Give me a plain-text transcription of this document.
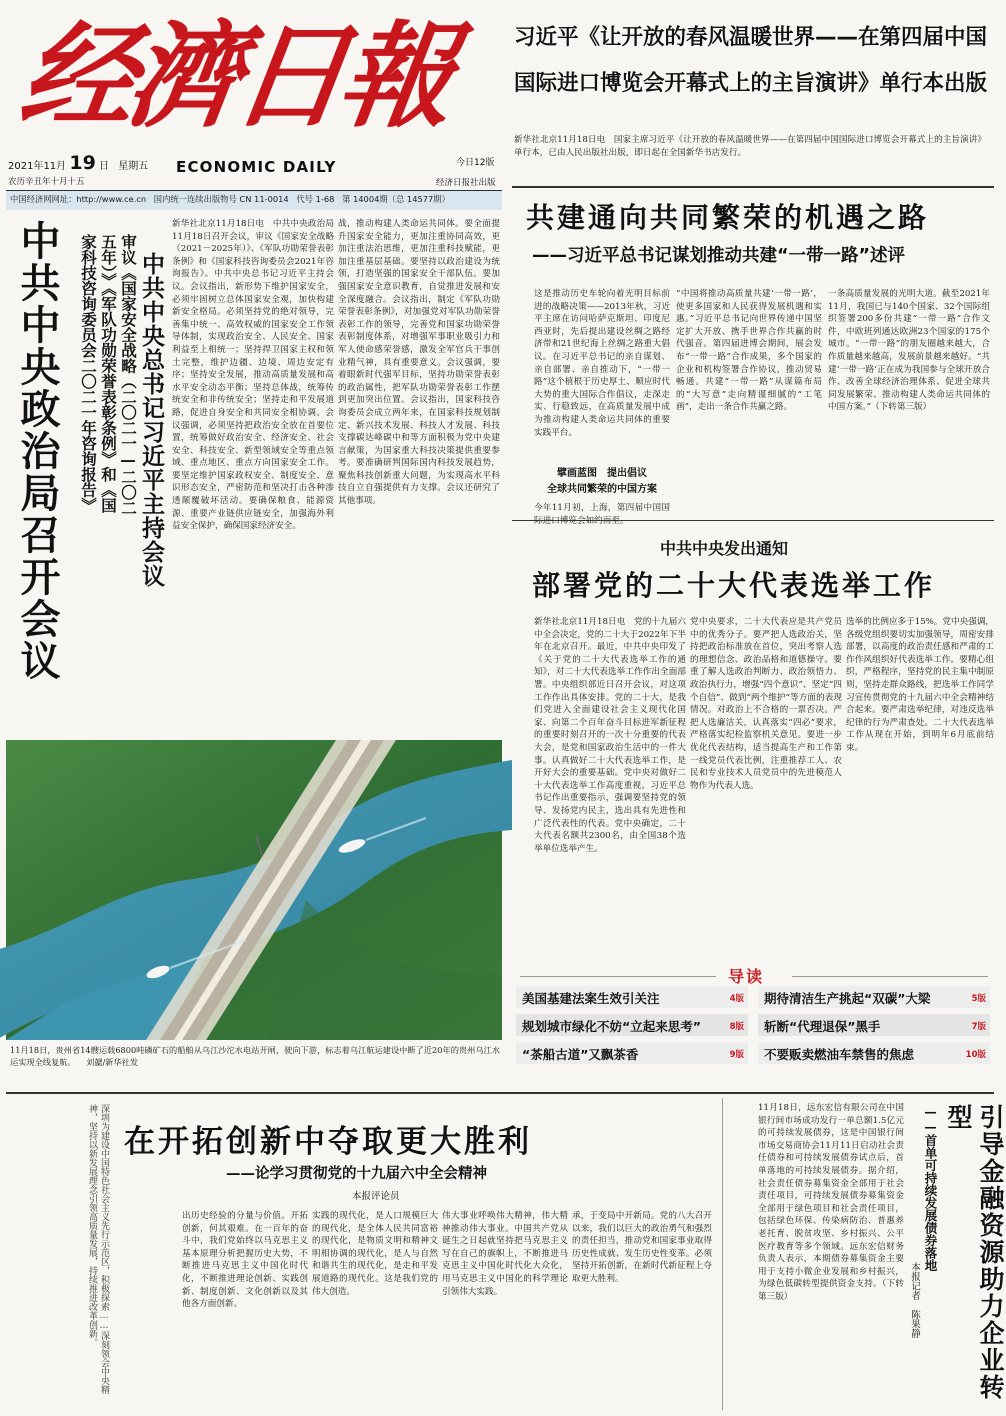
经濟日報
2021年11月 19 日 星期五
农历辛丑年十月十五
ECONOMIC DAILY	今日12版
经济日报社出版
中国经济网网址：http://www.ce.cn 国内统一连续出版物号 CN 11-0014 代号 1-68 第 14004期（总 14577期）
习近平《让开放的春风温暖世界——在第四届中国
国际进口博览会开幕式上的主旨演讲》单行本出版
新华社北京11月18日电　国家主席习近平《让开放的春风温暖世界——在第四届中国国际进口博览会开幕式上的主旨演讲》单行本，已由人民出版社出版，即日起在全国新华书店发行。
中共中央政治局召开会议	中共中央总书记习近平主持会议
审议《国家安全战略（二〇二一—二〇二五年）》《军队功勋荣誉表彰条例》和《国家科技咨询委员会二〇二一年咨询报告》
新华社北京11月18日电　中共中央政治局11月18日召开会议，审议《国家安全战略（2021－2025年）》、《军队功勋荣誉表彰条例》和《国家科技咨询委员会2021年咨询报告》。中共中央总书记习近平主持会议。会议指出，新形势下维护国家安全，必须牢固树立总体国家安全观，加快构建新安全格局。必须坚持党的绝对领导，完善集中统一、高效权威的国家安全工作领导体制，实现政治安全、人民安全、国家利益至上相统一；坚持捍卫国家主权和领土完整，维护边疆、边境、周边安定有序；坚持安全发展，推动高质量发展和高水平安全动态平衡；坚持总体战，统筹传统安全和非传统安全；坚持走和平发展道路，促进自身安全和共同安全相协调。会议强调，必须坚持把政治安全放在首要位置，统筹做好政治安全、经济安全、社会安全、科技安全、新型领域安全等重点领域、重点地区、重点方向国家安全工作。要坚定维护国家政权安全、制度安全、意识形态安全，严密防范和坚决打击各种渗透颠覆破坏活动。要确保粮食、能源资源、重要产业链供应链安全，加强海外利益安全保护，确保国家经济安全。
战，推动构建人类命运共同体。要全面提升国家安全能力，更加注重协同高效，更加注重法治思维，更加注重科技赋能，更加注重基层基础。要坚持以政治建设为统领，打造坚强的国家安全干部队伍。要加强国家安全意识教育，自觉推进发展和安全深度融合。会议指出，制定《军队功勋荣誉表彰条例》，对加强党对军队功勋荣誉表彰工作的领导，完善党和国家功勋荣誉表彰制度体系，对增强军事职业吸引力和军人使命感荣誉感，激发全军官兵干事创业精气神，具有重要意义。会议强调，要着眼新时代强军目标，坚持功勋荣誉表彰的政治属性，把军队功勋荣誉表彰工作摆到更加突出位置。会议指出，国家科技咨询委员会成立两年来，在国家科技规划制定、新兴技术发展、科技人才发展、科技支撑碳达峰碳中和等方面积极为党中央建言献策，为国家重大科技决策提供重要参考。要准确研判国际国内科技发展趋势，聚焦科技创新重大问题，为实现高水平科技自立自强提供有力支撑。会议还研究了其他事项。
11月18日，贵州省14艘运载6800吨磷矿石的船舶从乌江沙沱水电站开闸，驶向下游，标志着乌江航运建设中断了近20年的贵州乌江水运实现全线复航。 刘勰/新华社发
共建通向共同繁荣的机遇之路
——习近平总书记谋划推动共建“一带一路”述评
这是推动历史车轮向着光明目标前进的战略决策——2013年秋，习近平主席在访问哈萨克斯坦、印度尼西亚时，先后提出建设丝绸之路经济带和21世纪海上丝绸之路重大倡议。在习近平总书记的亲自谋划、亲自部署、亲自推动下，“一带一路”这个植根于历史厚土、顺应时代大势的重大国际合作倡议，走深走实、行稳致远，在高质量发展中成为推动构建人类命运共同体的重要实践平台。
擘画蓝图　提出倡议
全球共同繁荣的中国方案
今年11月初，上海，第四届中国国
“中国将推动高质量共建‘一带一路’，使更多国家和人民获得发展机遇和实惠。”习近平总书记向世界传递中国坚定扩大开放、携手世界合作共赢的时代强音。第四届进博会期间，展会发布“一带一路”合作成果，多个国家的企业和机构签署合作协议，推动贸易畅通。共建“一带一路”从谋篇布局的“大写意”走向精谨细腻的“工笔画”，走出一条合作共赢之路。
一条高质量发展的光明大道。截至2021年11月，我国已与140个国家、32个国际组织签署200多份共建“一带一路”合作文件，中欧班列通达欧洲23个国家的175个城市。“一带一路”的朋友圈越来越大，合作质量越来越高，发展前景越来越好。“共建‘一带一路’正在成为我国参与全球开放合作、改善全球经济治理体系、促进全球共同发展繁荣、推动构建人类命运共同体的中国方案。”（下转第三版）
中共中央发出通知
部署党的二十大代表选举工作
新华社北京11月18日电　党的十九届六中全会决定，党的二十大于2022年下半年在北京召开。最近，中共中央印发了《关于党的二十大代表选举工作的通知》，对二十大代表选举工作作出全面部署。中央组织部近日召开会议，对这项工作作出具体安排。党的二十大，是我们党进入全面建设社会主义现代化国家、向第二个百年奋斗目标进军新征程的重要时刻召开的一次十分重要的代表大会，是党和国家政治生活中的一件大事。认真做好二十大代表选举工作，是开好大会的重要基础。党中央对做好二十大代表选举工作高度重视。习近平总书记作出重要指示，强调要坚持党的领导、发扬党内民主，选出具有先进性和广泛代表性的代表。党中央确定，二十大代表名额共2300名，由全国38个选举单位选举产生。
党中央要求，二十大代表应是共产党员中的优秀分子。要严把人选政治关，坚持把政治标准放在首位，突出考察人选的理想信念、政治品格和道德操守。要重了解人选政治判断力、政治领悟力、政治执行力，增强“四个意识”、坚定“四个自信”、做到“两个维护”等方面的表现情况。对政治上不合格的一票否决。严把人选廉洁关，认真落实“四必”要求，严格落实纪检监察机关意见。要进一步优化代表结构，适当提高生产和工作第一线党员代表比例，注重推荐工人、农民和专业技术人员党员中的先进模范人物作为代表人选。
选举的比例应多于15%。党中央强调，各级党组织要切实加强领导，周密安排部署，以高度的政治责任感和严肃的工作作风组织好代表选举工作。要精心组织，严格程序，坚持党的民主集中制原则，坚持走群众路线，把选举工作同学习宣传贯彻党的十九届六中全会精神结合起来。要严肃选举纪律，对违反选举纪律的行为严肃查处。二十大代表选举工作从现在开始，到明年6月底前结束。
导读
美国基建法案生效引关注	4版
规划城市绿化不妨“立起来思考”	8版
“茶船古道”又飘茶香	9版
期待清洁生产挑起“双碳”大梁	5版
斩断“代理退保”黑手	7版
不要贩卖燃油车禁售的焦虑	10版
深圳为建设中国特色社会主义先行示范区，积极探索……深刻领会中央精神，坚持以新发展理念引领高质量发展，持续推进改革创新。 在开拓创新中夺取更大胜利
——论学习贯彻党的十九届六中全会精神
本报评论员
出历史经验的分量与价值。开拓创新，何其艰难。在一百年的奋斗中，我们党始终以马克思主义基本原理分析把握历史大势，不断推进马克思主义中国化时代化，不断推进理论创新、实践创新、制度创新、文化创新以及其他各方面创新。
实践的现代化，是人口规模巨大的现代化，是全体人民共同富裕的现代化，是物质文明和精神文明相协调的现代化，是人与自然和谐共生的现代化，是走和平发展道路的现代化。这是我们党的伟大创造。
伟大事业呼唤伟大精神，伟大精神推动伟大事业。中国共产党从诞生之日起就坚持把马克思主义写在自己的旗帜上，不断推进马克思主义中国化时代化大众化，用马克思主义中国化的科学理论引领伟大实践。
承，于变局中开新局。党的八大召开以来，我们以巨大的政治勇气和强烈的责任担当，推动党和国家事业取得历史性成就、发生历史性变革。必须坚持开拓创新，在新时代新征程上夺取更大胜利。
11月18日，远东宏信有限公司在中国银行间市场成功发行一单总额1.5亿元的可持续发展债券，这是中国银行间市场交易商协会11月11日启动社会责任债券和可持续发展债券试点后，首单落地的可持续发展债券。据介绍，社会责任债券募集资金全部用于社会责任项目，可持续发展债券募集资金全部用于绿色项目和社会责任项目，包括绿色环保、传染病防治、普惠养老托育、脱贫攻坚、乡村振兴、公平医疗教育等多个领域。远东宏信财务负责人表示，本期债券募集资金主要用于支持小微企业发展和乡村振兴，为绿色低碳转型提供资金支持。（下转第三版）	本报记者　陈果静
——首单可持续发展债券落地	引导金融资源助力企业转型
